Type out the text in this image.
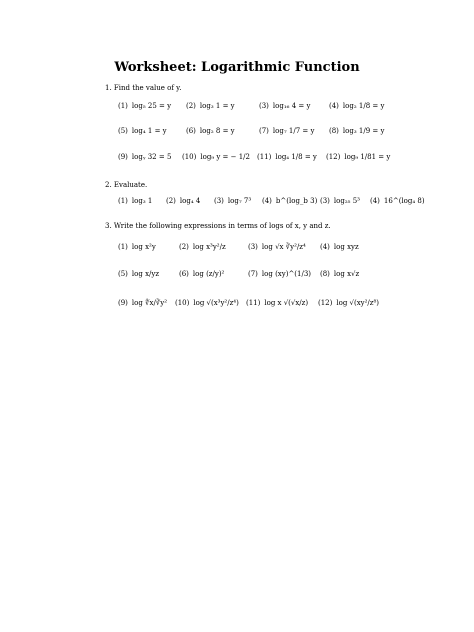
Worksheet: Logarithmic Function
1. Find the value of y.
(1) log₅ 25 = y (2) log₃ 1 = y	(3) log₁₆ 4 = y	(4) log₂ 1/8 = y
(5) log₄ 1 = y	(6) log₂ 8 = y	(7) log₇ 1/7 = y (8) log₃ 1/9 = y
(9) logᵧ 32 = 5 (10) log₉ y = − 1/2 (11) log₄ 1/8 = y (12) log₉ 1/81 = y
2. Evaluate.
(1) log₃ 1 (2) log₄ 4 (3) log₇ 7³ (4) b^(log_b 3) (3) log₂₅ 5³ (4) 16^(log₄ 8)
3. Write the following expressions in terms of logs of x, y and z.
(1) log x²y	(2) log x³y²/z	(3) log √x ∛y²/z⁴ (4) log xyz
(5) log x/yz	(6) log (z/y)²	(7) log (xy)^(1/3) (8) log x√z
(9) log ∜x/∛y² (10) log √(x³y²/z⁴) (11) log x √(√x/z) (12) log √(xy²/z⁸)
